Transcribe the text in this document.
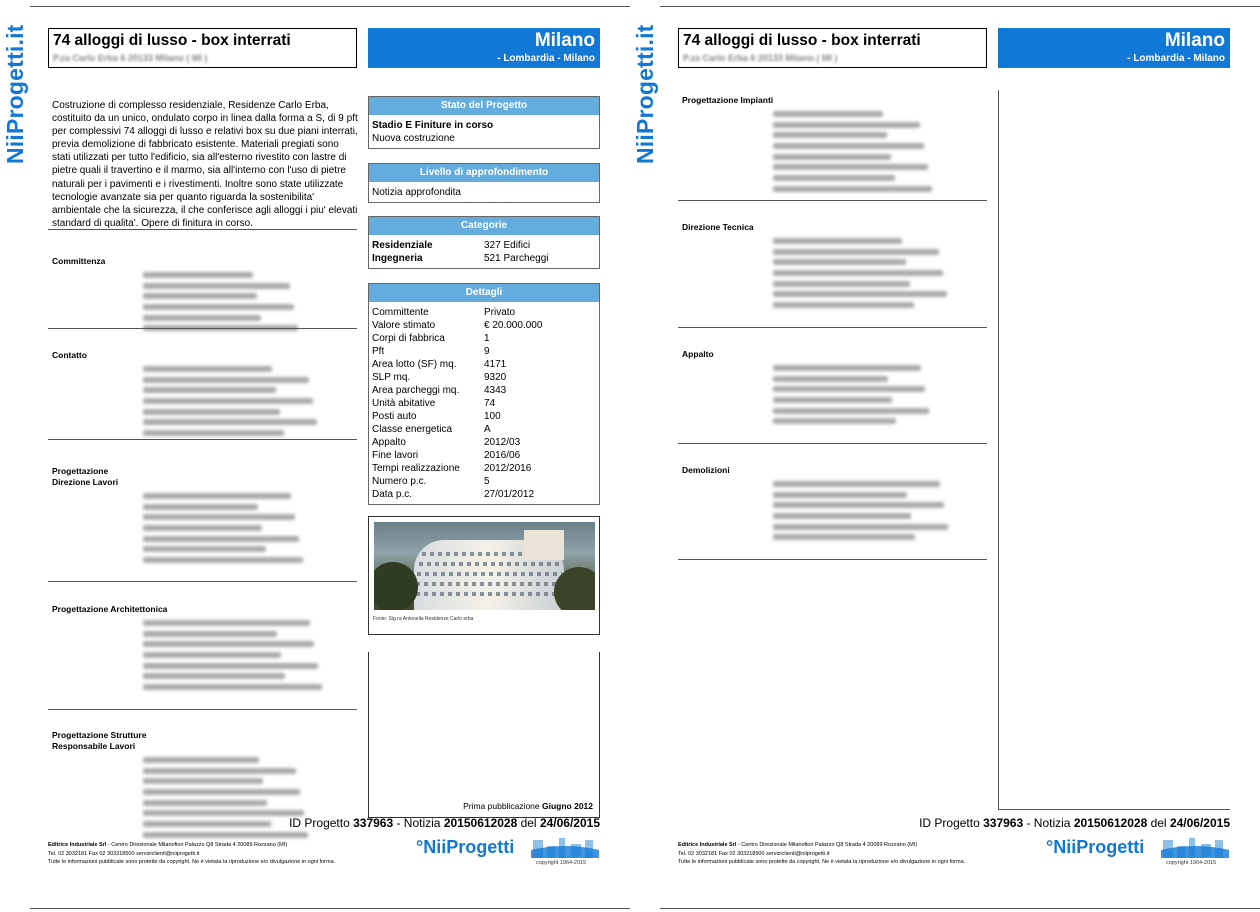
NiiProgetti.it 74 alloggi di lusso - box interrati
P.za Carlo Erba 6 20133 Milano ( MI )
Milano
- Lombardia - Milano
Costruzione di complesso residenziale, Residenze Carlo Erba, costituito da un unico, ondulato corpo in linea dalla forma a S, di 9 pft per complessivi 74 alloggi di lusso e relativi box su due piani interrati, previa demolizione di fabbricato esistente. Materiali pregiati sono stati utilizzati per tutto l'edificio, sia all'esterno rivestito con lastre di pietre quali il travertino e il marmo, sia all'interno con l'uso di pietre naturali per i pavimenti e i rivestimenti. Inoltre sono state utilizzate tecnologie avanzate sia per quanto riguarda la sostenibilita' ambientale che la sicurezza, il che conferisce agli alloggi i piu' elevati standard di qualita'. Opere di finitura in corso.
Committenza
Contatto
Progettazione
Direzione Lavori
Progettazione Architettonica
Progettazione Strutture
Responsabile Lavori
Stato del Progetto
Stadio E Finiture in corso
Nuova costruzione
Livello di approfondimento
Notizia approfondita
Categorie
Residenziale	327 Edifici
Ingegneria	521 Parcheggi
Dettagli
Committente	Privato
Valore stimato	€ 20.000.000
Corpi di fabbrica	1
Pft	9
Area lotto (SF) mq.	4171
SLP mq.	9320
Area parcheggi mq.	4343
Unità abitative	74
Posti auto	100
Classe energetica	A
Appalto	2012/03
Fine lavori	2016/06
Tempi realizzazione	2012/2016
Numero p.c.	5
Data p.c.	27/01/2012
Fonte: Sig.ra Antonella Residenze Carlo erba
Prima pubblicazione Giugno 2012
ID Progetto 337963 - Notizia 20150612028 del 24/06/2015
Editrice Industriale Srl - Centro Direzionale Milanofiori Palazzo Q8 Strada 4 20089 Rozzano (MI)
Tel. 02 3032181 Fax 02 303218500 serviziclienti@niiprogetti.it
Tutte le informazioni pubblicate sono protette da copyright. Ne è vietata la riproduzione e/o divulgazione in ogni forma.
°NiiProgetti
copyright 1964-2015
NiiProgetti.it 74 alloggi di lusso - box interrati
P.za Carlo Erba 6 20133 Milano ( MI )
Milano
- Lombardia - Milano
Progettazione Impianti
Direzione Tecnica
Appalto
Demolizioni
ID Progetto 337963 - Notizia 20150612028 del 24/06/2015
Editrice Industriale Srl - Centro Direzionale Milanofiori Palazzo Q8 Strada 4 20089 Rozzano (MI)
Tel. 02 3032181 Fax 02 303218500 serviziclienti@niiprogetti.it
Tutte le informazioni pubblicate sono protette da copyright. Ne è vietata la riproduzione e/o divulgazione in ogni forma.
°NiiProgetti
copyright 1964-2015
